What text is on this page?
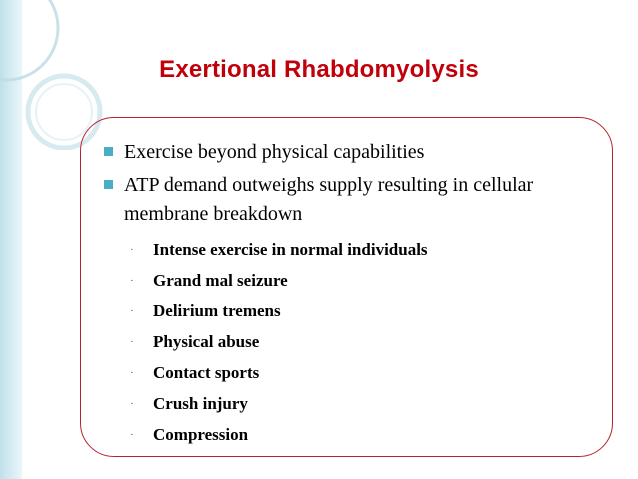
Exertional Rhabdomyolysis
Exercise beyond physical capabilities
ATP demand outweighs supply resulting in cellular membrane breakdown
· Intense exercise in normal individuals
· Grand mal seizure
· Delirium tremens
· Physical abuse
· Contact sports
· Crush injury
· Compression
